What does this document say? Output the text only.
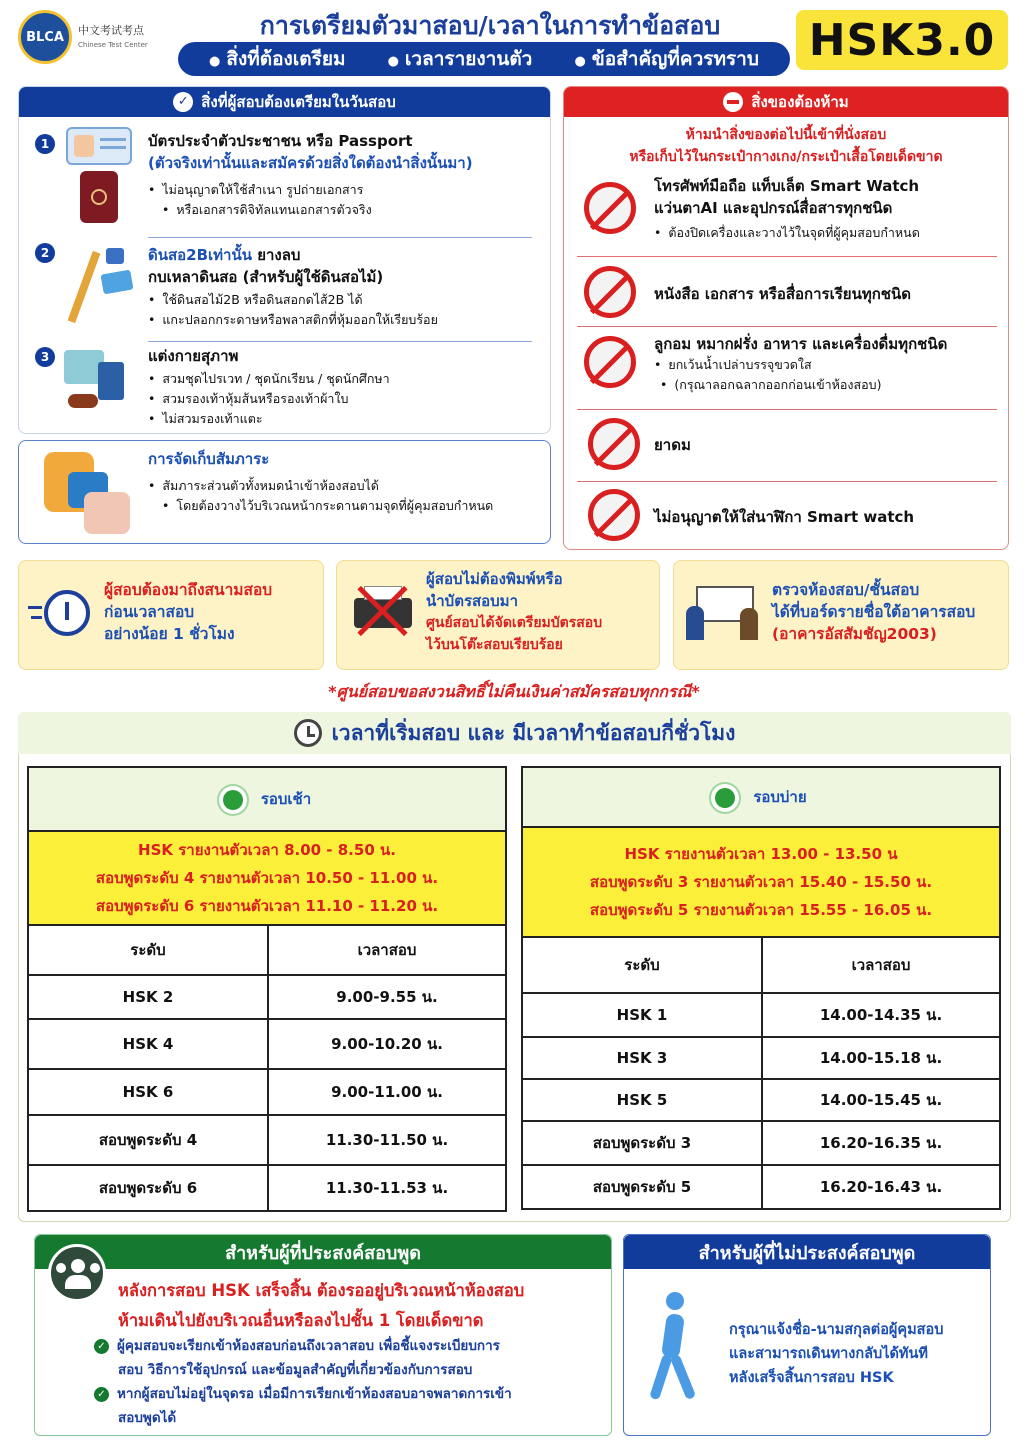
BLCA 中文考试考点
Chinese Test Center
การเตรียมตัวมาสอบ/เวลาในการทำข้อสอบ
● สิ่งที่ต้องเตรียม	● เวลารายงานตัว	● ข้อสำคัญที่ควรทราบ HSK3.0
✓ สิ่งที่ผู้สอบต้องเตรียมในวันสอบ
1	บัตรประจำตัวประชาชน หรือ Passport
(ตัวจริงเท่านั้นและสมัครด้วยสิ่งใดต้องนำสิ่งนั้นมา)
• ไม่อนุญาตให้ใช้สำเนา รูปถ่ายเอกสาร
• หรือเอกสารดิจิทัลแทนเอกสารตัวจริง
2	ดินสอ2Bเท่านั้น ยางลบ
กบเหลาดินสอ (สำหรับผู้ใช้ดินสอไม้)
• ใช้ดินสอไม้2B หรือดินสอกดไส้2B ได้
• แกะปลอกกระดาษหรือพลาสติกที่หุ้มออกให้เรียบร้อย
3	แต่งกายสุภาพ
• สวมชุดไปรเวท / ชุดนักเรียน / ชุดนักศึกษา
• สวมรองเท้าหุ้มส้นหรือรองเท้าผ้าใบ
• ไม่สวมรองเท้าแตะ
การจัดเก็บสัมภาระ
• สัมภาระส่วนตัวทั้งหมดนำเข้าห้องสอบได้
• โดยต้องวางไว้บริเวณหน้ากระดานตามจุดที่ผู้คุมสอบกำหนด
สิ่งของต้องห้าม
ห้ามนำสิ่งของต่อไปนี้เข้าที่นั่งสอบ
หรือเก็บไว้ในกระเป๋ากางเกง/กระเป๋าเสื้อโดยเด็ดขาด
โทรศัพท์มือถือ แท็บเล็ต Smart Watch
แว่นตาAI และอุปกรณ์สื่อสารทุกชนิด
• ต้องปิดเครื่องและวางไว้ในจุดที่ผู้คุมสอบกำหนด
หนังสือ เอกสาร หรือสื่อการเรียนทุกชนิด
ลูกอม หมากฝรั่ง อาหาร และเครื่องดื่มทุกชนิด
• ยกเว้นน้ำเปล่าบรรจุขวดใส
• (กรุณาลอกฉลากออกก่อนเข้าห้องสอบ)
ยาดม
ไม่อนุญาตให้ใส่นาฬิกา Smart watch
ผู้สอบต้องมาถึงสนามสอบ
ก่อนเวลาสอบ
อย่างน้อย 1 ชั่วโมง
ผู้สอบไม่ต้องพิมพ์หรือ
นำบัตรสอบมา
ศูนย์สอบได้จัดเตรียมบัตรสอบ
ไว้บนโต๊ะสอบเรียบร้อย
ตรวจห้องสอบ/ชั้นสอบ
ได้ที่บอร์ดรายชื่อใต้อาคารสอบ
(อาคารอัสสัมชัญ2003)
*ศูนย์สอบขอสงวนสิทธิ์ไม่คืนเงินค่าสมัครสอบทุกกรณี*
เวลาที่เริ่มสอบ และ มีเวลาทำข้อสอบกี่ชั่วโมง
รอบเช้า	

HSK รายงานตัวเวลา 8.00 - 8.50 น.
สอบพูดระดับ 4 รายงานตัวเวลา 10.50 - 11.00 น.
สอบพูดระดับ 6 รายงานตัวเวลา 11.10 - 11.20 น.	

ระดับ	เวลาสอบ
HSK 2	9.00-9.55 น.
HSK 4	9.00-10.20 น.
HSK 6	9.00-11.00 น.
สอบพูดระดับ 4	11.30-11.50 น.
สอบพูดระดับ 6	11.30-11.53 น.
รอบบ่าย	

HSK รายงานตัวเวลา 13.00 - 13.50 น
สอบพูดระดับ 3 รายงานตัวเวลา 15.40 - 15.50 น.
สอบพูดระดับ 5 รายงานตัวเวลา 15.55 - 16.05 น.	

ระดับ	เวลาสอบ
HSK 1	14.00-14.35 น.
HSK 3	14.00-15.18 น.
HSK 5	14.00-15.45 น.
สอบพูดระดับ 3	16.20-16.35 น.
สอบพูดระดับ 5	16.20-16.43 น.
สำหรับผู้ที่ประสงค์สอบพูด
หลังการสอบ HSK เสร็จสิ้น ต้องรออยู่บริเวณหน้าห้องสอบ
ห้ามเดินไปยังบริเวณอื่นหรือลงไปชั้น 1 โดยเด็ดขาด
✓ ผู้คุมสอบจะเรียกเข้าห้องสอบก่อนถึงเวลาสอบ เพื่อชี้แจงระเบียบการ
สอบ วิธีการใช้อุปกรณ์ และข้อมูลสำคัญที่เกี่ยวข้องกับการสอบ
✓ หากผู้สอบไม่อยู่ในจุดรอ เมื่อมีการเรียกเข้าห้องสอบอาจพลาดการเข้า
สอบพูดได้
สำหรับผู้ที่ไม่ประสงค์สอบพูด
กรุณาแจ้งชื่อ-นามสกุลต่อผู้คุมสอบ
และสามารถเดินทางกลับได้ทันที
หลังเสร็จสิ้นการสอบ HSK
